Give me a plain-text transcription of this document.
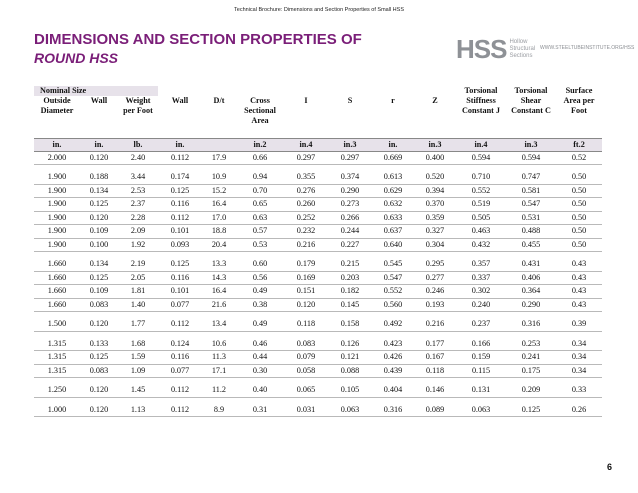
Technical Brochure: Dimensions and Section Properties of Small HSS
DIMENSIONS AND SECTION PROPERTIES OF
ROUND HSS	HSS Hollow
Structural
Sections
WWW.STEELTUBEINSTITUTE.ORG/HSS
Nominal Size										Torsional Stiffness Constant J	Torsional Shear Constant C	Surface Area per Foot
Outside Diameter	Wall	Weight per Foot	Wall	D/t	Cross Sectional Area	I	S	r	Z			
in.	in.	lb.	in.		in.2	in.4	in.3	in.	in.3	in.4	in.3	ft.2
2.000	0.120	2.40	0.112	17.9	0.66	0.297	0.297	0.669	0.400	0.594	0.594	0.52

1.900	0.188	3.44	0.174	10.9	0.94	0.355	0.374	0.613	0.520	0.710	0.747	0.50
1.900	0.134	2.53	0.125	15.2	0.70	0.276	0.290	0.629	0.394	0.552	0.581	0.50
1.900	0.125	2.37	0.116	16.4	0.65	0.260	0.273	0.632	0.370	0.519	0.547	0.50
1.900	0.120	2.28	0.112	17.0	0.63	0.252	0.266	0.633	0.359	0.505	0.531	0.50
1.900	0.109	2.09	0.101	18.8	0.57	0.232	0.244	0.637	0.327	0.463	0.488	0.50
1.900	0.100	1.92	0.093	20.4	0.53	0.216	0.227	0.640	0.304	0.432	0.455	0.50

1.660	0.134	2.19	0.125	13.3	0.60	0.179	0.215	0.545	0.295	0.357	0.431	0.43
1.660	0.125	2.05	0.116	14.3	0.56	0.169	0.203	0.547	0.277	0.337	0.406	0.43
1.660	0.109	1.81	0.101	16.4	0.49	0.151	0.182	0.552	0.246	0.302	0.364	0.43
1.660	0.083	1.40	0.077	21.6	0.38	0.120	0.145	0.560	0.193	0.240	0.290	0.43

1.500	0.120	1.77	0.112	13.4	0.49	0.118	0.158	0.492	0.216	0.237	0.316	0.39

1.315	0.133	1.68	0.124	10.6	0.46	0.083	0.126	0.423	0.177	0.166	0.253	0.34
1.315	0.125	1.59	0.116	11.3	0.44	0.079	0.121	0.426	0.167	0.159	0.241	0.34
1.315	0.083	1.09	0.077	17.1	0.30	0.058	0.088	0.439	0.118	0.115	0.175	0.34

1.250	0.120	1.45	0.112	11.2	0.40	0.065	0.105	0.404	0.146	0.131	0.209	0.33

1.000	0.120	1.13	0.112	8.9	0.31	0.031	0.063	0.316	0.089	0.063	0.125	0.26
6
